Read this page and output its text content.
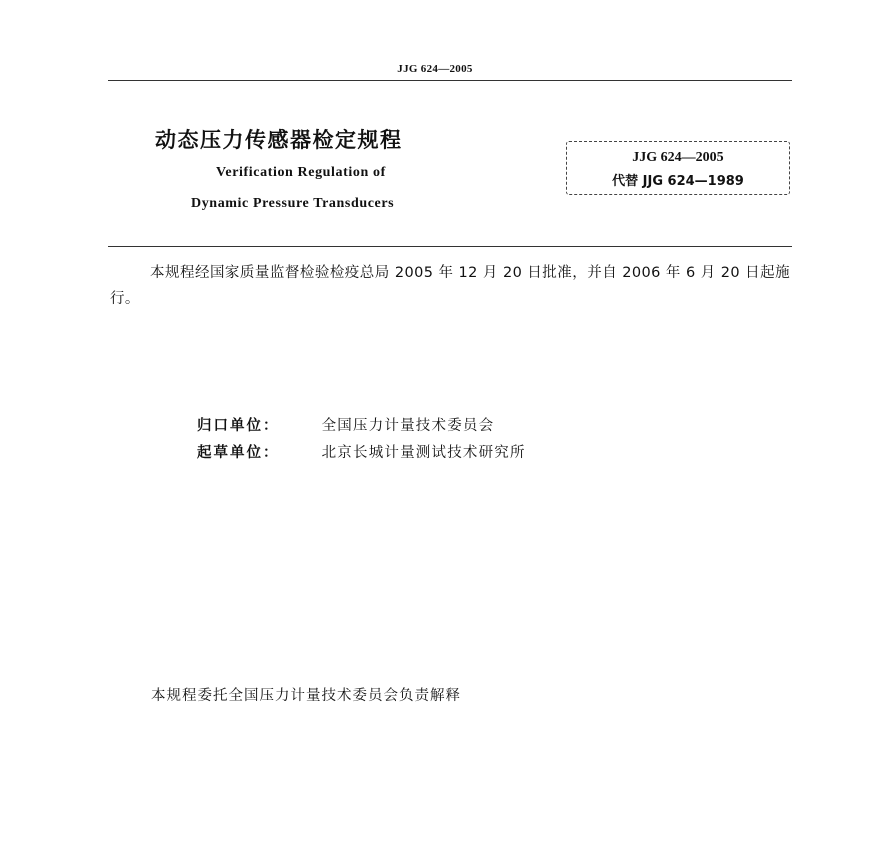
JJG 624—2005
动态压力传感器检定规程
Verification Regulation of
Dynamic Pressure Transducers
JJG 624—2005
代替 JJG 624—1989
本规程经国家质量监督检验检疫总局 2005 年 12 月 20 日批准，并自 2006 年 6 月 20 日起施行。
归口单位：	全国压力计量技术委员会
起草单位：	北京长城计量测试技术研究所
本规程委托全国压力计量技术委员会负责解释
